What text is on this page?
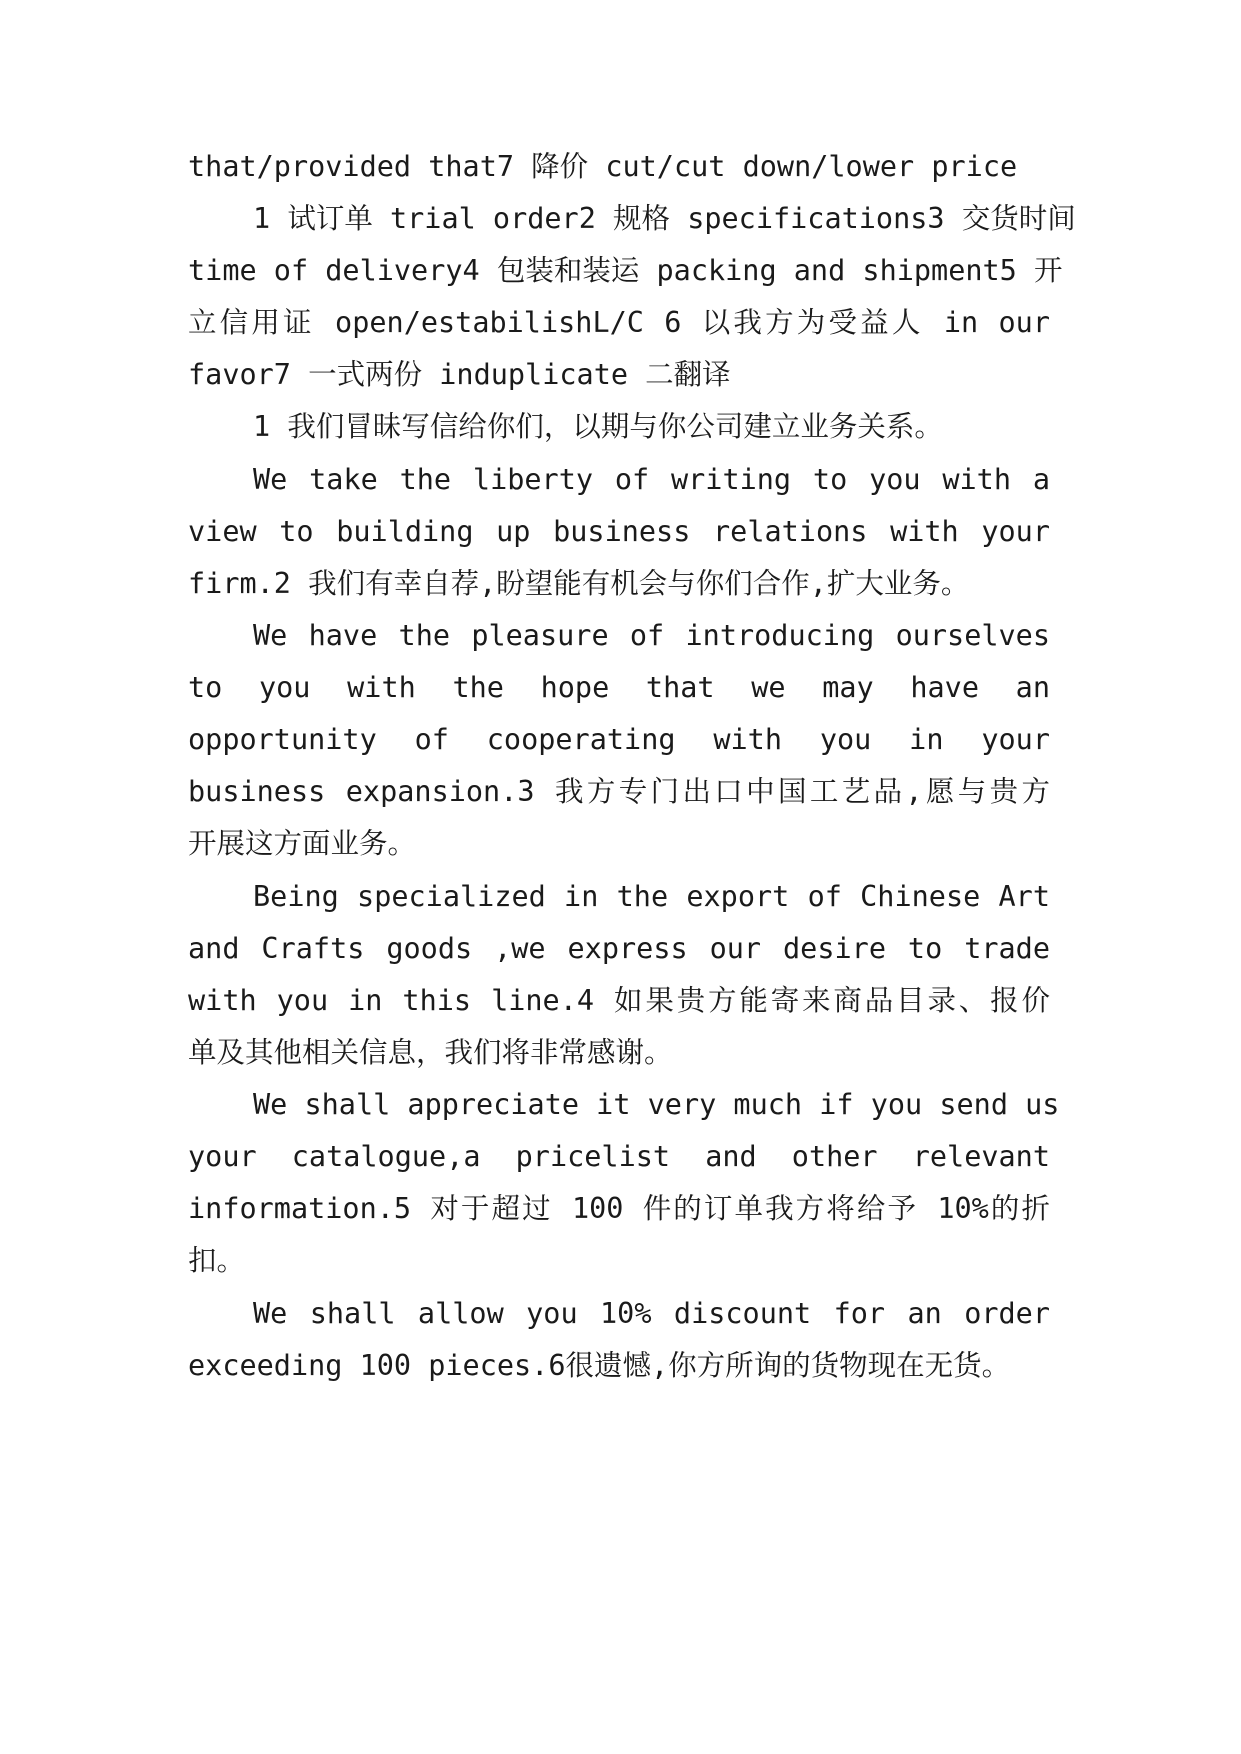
that/provided that7 降价 cut/cut down/lower price
1 试订单 trial order2 规格 specifications3 交货时间
time of delivery4 包装和装运 packing and shipment5 开
立信用证 open/estabilishL/C 6 以我方为受益人 in our
favor7 一式两份 induplicate 二翻译
1 我们冒昧写信给你们，以期与你公司建立业务关系。
We take the liberty of writing to you with a
view to building up business relations with your
firm.2 我们有幸自荐,盼望能有机会与你们合作,扩大业务。
We have the pleasure of introducing ourselves
to you with the hope that we may have an
opportunity of cooperating with you in your
business expansion.3 我方专门出口中国工艺品,愿与贵方
开展这方面业务。
Being specialized in the export of Chinese Art
and Crafts goods ,we express our desire to trade
with you in this line.4 如果贵方能寄来商品目录、报价
单及其他相关信息，我们将非常感谢。
We shall appreciate it very much if you send us
your catalogue,a pricelist and other relevant
information.5 对于超过 100 件的订单我方将给予 10%的折
扣。
We shall allow you 10% discount for an order
exceeding 100 pieces.6很遗憾,你方所询的货物现在无货。
